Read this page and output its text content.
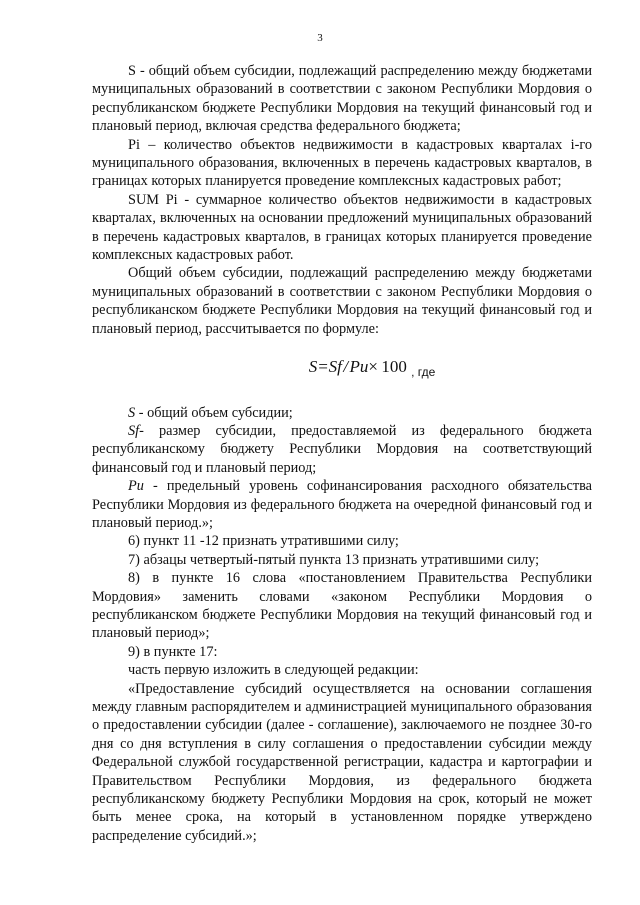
3

S - общий объем субсидии, подлежащий распределению между бюджетами муниципальных образований в соответствии с законом Республики Мордовия о республиканском бюджете Республики Мордовия на текущий финансовый год и плановый период, включая средства федерального бюджета;

Pi – количество объектов недвижимости в кадастровых кварталах i-го муниципального образования, включенных в перечень кадастровых кварталов, в границах которых планируется проведение комплексных кадастровых работ;

SUM Pi - суммарное количество объектов недвижимости в кадастровых кварталах, включенных на основании предложений муниципальных образований в перечень кадастровых кварталов, в границах которых планируется проведение комплексных кадастровых работ.

Общий объем субсидии, подлежащий распределению между бюджетами муниципальных образований в соответствии с законом Республики Мордовия о республиканском бюджете Республики Мордовия на текущий финансовый год и плановый период, рассчитывается по формуле:

S=Sf / Pu×  100 $_{, где}$

S - общий объем субсидии;

Sf- размер субсидии, предоставляемой из федерального бюджета республиканскому бюджету Республики Мордовия на соответствующий финансовый год и плановый период;

Pu - предельный уровень софинансирования расходного обязательства Республики Мордовия из федерального бюджета на очередной финансовый год и плановый период.»;

6) пункт 11 -12 признать утратившими силу;

7) абзацы четвертый-пятый пункта 13 признать утратившими силу;

8) в пункте 16 слова «постановлением Правительства Республики Мордовия» заменить словами «законом Республики Мордовия о республиканском бюджете Республики Мордовия на текущий финансовый год и плановый период»;

9) в пункте 17:

часть первую изложить в следующей редакции:

«Предоставление субсидий осуществляется на основании соглашения между главным распорядителем и администрацией муниципального образования о предоставлении субсидии (далее - соглашение), заключаемого не позднее 30-го дня со дня вступления в силу соглашения о предоставлении субсидии между Федеральной службой государственной регистрации, кадастра и картографии и Правительством Республики Мордовия, из федерального бюджета республиканскому бюджету Республики Мордовия на срок, который не может быть менее срока, на который в установленном порядке утверждено распределение субсидий.»;
